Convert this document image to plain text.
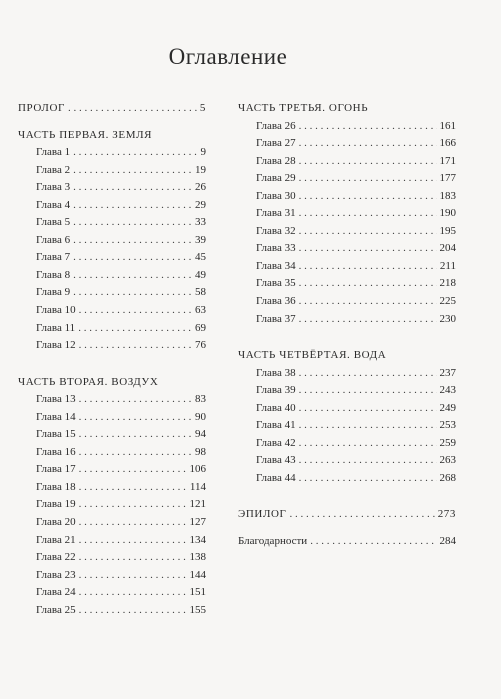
Оглавление
ПРОЛОГ . . .	5
ЧАСТЬ ПЕРВАЯ. ЗЕМЛЯ
Глава 1 . . .	9
Глава 2 . . .	19
Глава 3 . . .	26
Глава 4 . . .	29
Глава 5 . . .	33
Глава 6 . . .	39
Глава 7 . . .	45
Глава 8 . . .	49
Глава 9 . . .	58
Глава 10 . . .	63
Глава 11 . . .	69
Глава 12 . . .	76
ЧАСТЬ ВТОРАЯ. ВОЗДУХ
Глава 13 . . .	83
Глава 14 . . .	90
Глава 15 . . .	94
Глава 16 . . .	98
Глава 17 . . .	106
Глава 18 . . .	114
Глава 19 . . .	121
Глава 20 . . .	127
Глава 21 . . .	134
Глава 22 . . .	138
Глава 23 . . .	144
Глава 24 . . .	151
Глава 25 . . .	155
ЧАСТЬ ТРЕТЬЯ. ОГОНЬ
Глава 26 . . .	161
Глава 27 . . .	166
Глава 28 . . .	171
Глава 29 . . .	177
Глава 30 . . .	183
Глава 31 . . .	190
Глава 32 . . .	195
Глава 33 . . .	204
Глава 34 . . .	211
Глава 35 . . .	218
Глава 36 . . .	225
Глава 37 . . .	230
ЧАСТЬ ЧЕТВЁРТАЯ. ВОДА
Глава 38 . . .	237
Глава 39 . . .	243
Глава 40 . . .	249
Глава 41 . . .	253
Глава 42 . . .	259
Глава 43 . . .	263
Глава 44 . . .	268
ЭПИЛОГ . . .	273
Благодарности . . .	284
